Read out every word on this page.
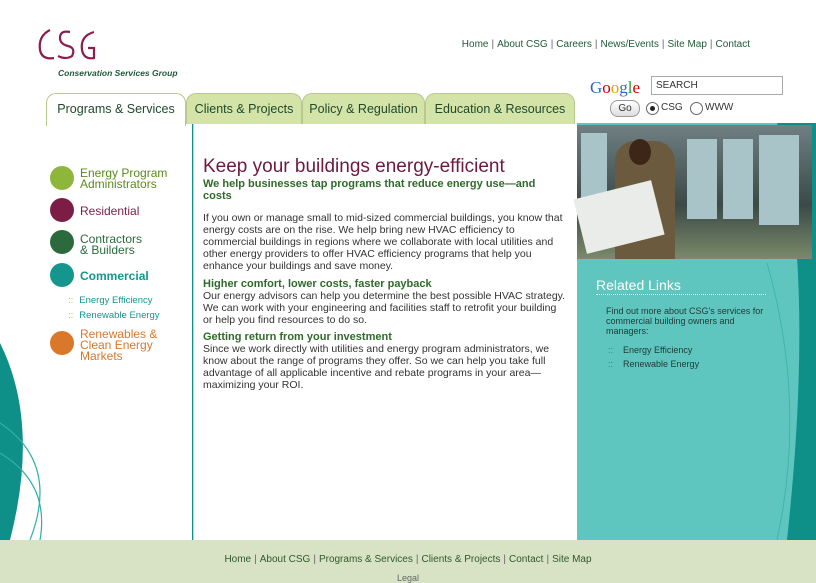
Conservation Services Group
Home | About CSG | Careers | News/Events | Site Map | Contact
Google	SEARCH
Go	CSG WWW
Programs & Services	Clients & Projects	Policy & Regulation	Education & Resources
Energy Program
Administrators
Residential
Contractors
& Builders
Commercial
:: Energy Efficiency
:: Renewable Energy
Renewables &
Clean Energy
Markets
Keep your buildings energy-efficient
We help businesses tap programs that reduce energy use—and costs
If you own or manage small to mid-sized commercial buildings, you know that energy costs are on the rise. We help bring new HVAC efficiency to commercial buildings in regions where we collaborate with local utilities and other energy providers to offer HVAC efficiency programs that help you enhance your buildings and save money.
Higher comfort, lower costs, faster payback
Our energy advisors can help you determine the best possible HVAC strategy. We can work with your engineering and facilities staff to retrofit your building or help you find resources to do so.
Getting return from your investment
Since we work directly with utilities and energy program administrators, we know about the range of programs they offer. So we can help you take full advantage of all applicable incentive and rebate programs in your area—maximizing your ROI.
Related Links
Find out more about CSG's services for commercial building owners and managers:
:: Energy Efficiency
:: Renewable Energy
Home | About CSG | Programs & Services | Clients & Projects | Contact | Site Map
Legal
